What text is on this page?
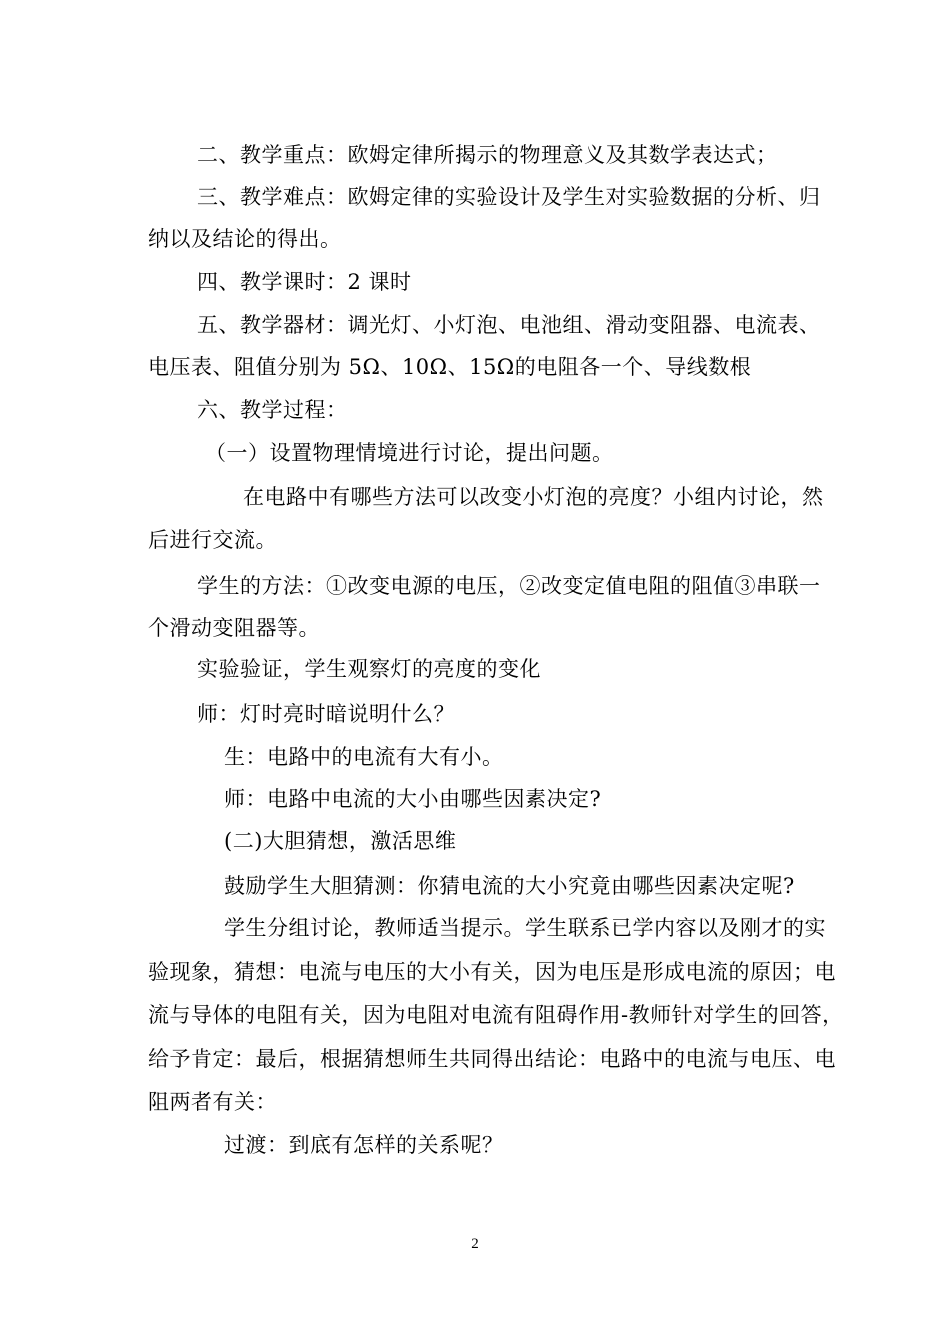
二、教学重点：欧姆定律所揭示的物理意义及其数学表达式；
三、教学难点：欧姆定律的实验设计及学生对实验数据的分析、归
纳以及结论的得出。
四、教学课时：2 课时
五、教学器材：调光灯、小灯泡、电池组、滑动变阻器、电流表、
电压表、阻值分别为 5Ω、10Ω、15Ω的电阻各一个、导线数根
六、教学过程：
（一）设置物理情境进行讨论，提出问题。
在电路中有哪些方法可以改变小灯泡的亮度？小组内讨论，然
后进行交流。
学生的方法：①改变电源的电压，②改变定值电阻的阻值③串联一
个滑动变阻器等。
实验验证，学生观察灯的亮度的变化
师：灯时亮时暗说明什么？
生：电路中的电流有大有小。
师：电路中电流的大小由哪些因素决定?
(二)大胆猜想，激活思维
鼓励学生大胆猜测：你猜电流的大小究竟由哪些因素决定呢?
学生分组讨论，教师适当提示。学生联系已学内容以及刚才的实
验现象，猜想：电流与电压的大小有关，因为电压是形成电流的原因；电
流与导体的电阻有关，因为电阻对电流有阻碍作用-教师针对学生的回答，
给予肯定：最后，根据猜想师生共同得出结论：电路中的电流与电压、电
阻两者有关：
过渡：到底有怎样的关系呢？
2
